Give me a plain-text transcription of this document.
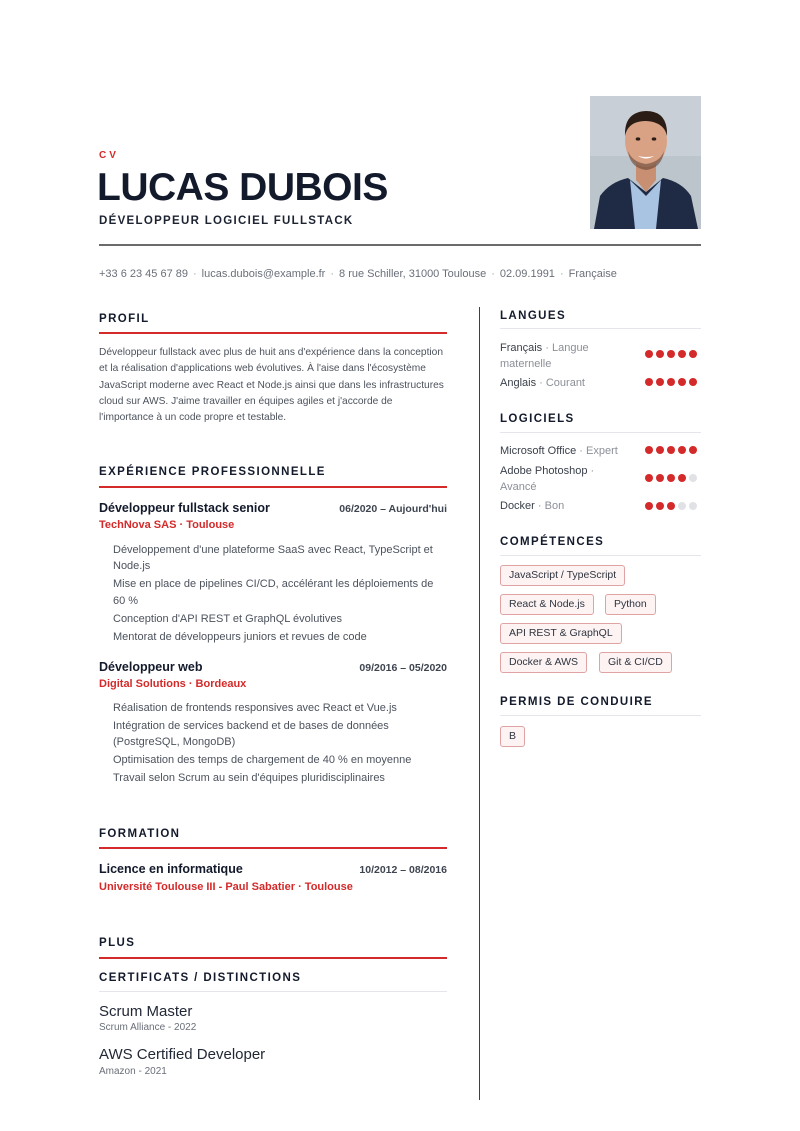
CV
LUCAS DUBOIS
DÉVELOPPEUR LOGICIEL FULLSTACK
+33 6 23 45 67 89 · lucas.dubois@example.fr · 8 rue Schiller, 31000 Toulouse · 02.09.1991 · Française
PROFIL
Développeur fullstack avec plus de huit ans d'expérience dans la conception et la réalisation d'applications web évolutives. À l'aise dans l'écosystème JavaScript moderne avec React et Node.js ainsi que dans les infrastructures cloud sur AWS. J'aime travailler en équipes agiles et j'accorde de l'importance à un code propre et testable.
EXPÉRIENCE PROFESSIONNELLE
Développeur fullstack senior	06/2020 – Aujourd'hui
TechNova SAS · Toulouse
Développement d'une plateforme SaaS avec React, TypeScript et Node.js
Mise en place de pipelines CI/CD, accélérant les déploiements de 60 %
Conception d'API REST et GraphQL évolutives
Mentorat de développeurs juniors et revues de code
Développeur web	09/2016 – 05/2020
Digital Solutions · Bordeaux
Réalisation de frontends responsives avec React et Vue.js
Intégration de services backend et de bases de données (PostgreSQL, MongoDB)
Optimisation des temps de chargement de 40 % en moyenne
Travail selon Scrum au sein d'équipes pluridisciplinaires
FORMATION
Licence en informatique	10/2012 – 08/2016
Université Toulouse III - Paul Sabatier · Toulouse
PLUS
CERTIFICATS / DISTINCTIONS
Scrum Master
Scrum Alliance - 2022
AWS Certified Developer
Amazon - 2021
LANGUES
Français · Langue maternelle
Anglais · Courant
LOGICIELS
Microsoft Office · Expert
Adobe Photoshop · Avancé
Docker · Bon
COMPÉTENCES
JavaScript / TypeScript
React & Node.js	Python
API REST & GraphQL
Docker & AWS	Git & CI/CD
PERMIS DE CONDUIRE
B
